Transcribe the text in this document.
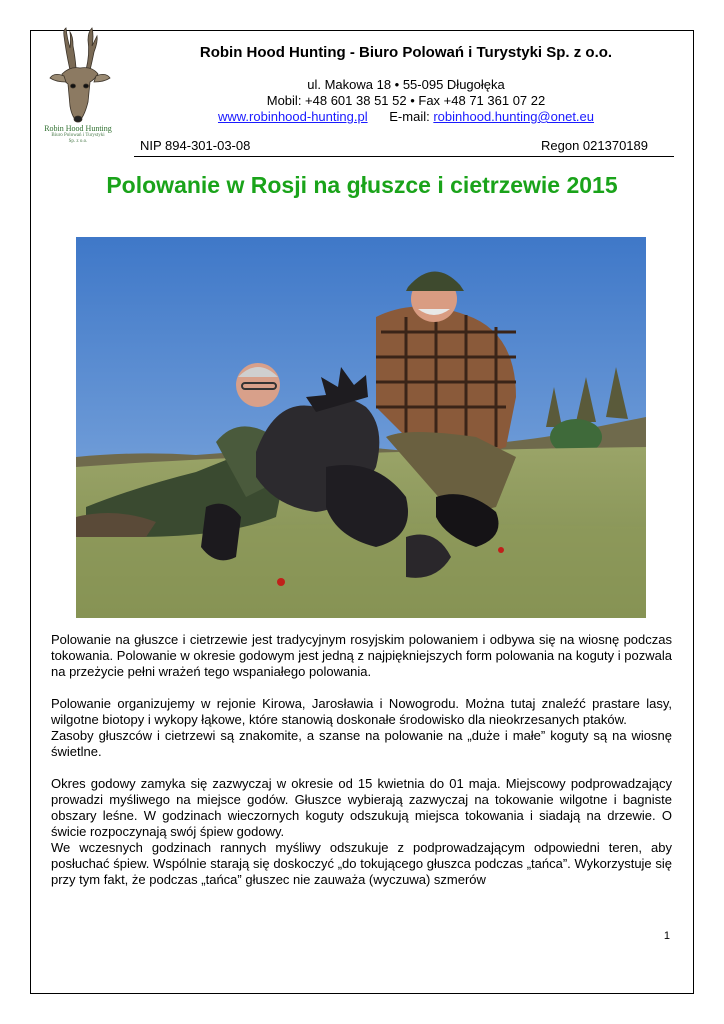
Robin Hood Hunting
Biuro Polowań i Turystyki
Sp. z o.o.
Robin Hood Hunting - Biuro Polowań i Turystyki Sp. z o.o.
ul. Makowa 18 • 55-095 Długołęka
Mobil: +48 601 38 51 52 • Fax +48 71 361 07 22
www.robinhood-hunting.pl E-mail: robinhood.hunting@onet.eu
NIP 894-301-03-08	Regon 021370189
Polowanie w Rosji na głuszce i cietrzewie 2015

Polowanie na głuszce i cietrzewie jest tradycyjnym rosyjskim polowaniem i odbywa się na wiosnę podczas tokowania. Polowanie w okresie godowym jest jedną z najpiękniejszych form polowania na koguty i pozwala na przeżycie pełni wrażeń tego wspaniałego polowania.

Polowanie organizujemy w rejonie Kirowa, Jarosławia i Nowogrodu. Można tutaj znaleźć prastare lasy, wilgotne biotopy i wykopy łąkowe, które stanowią doskonałe środowisko dla nieokrzesanych ptaków.

Zasoby głuszców i cietrzewi są znakomite, a szanse na polowanie na „duże i małe” koguty są na wiosnę świetlne.

Okres godowy zamyka się zazwyczaj w okresie od 15 kwietnia do 01 maja. Miejscowy podprowadzający prowadzi myśliwego na miejsce godów. Głuszce wybierają zazwyczaj na tokowanie wilgotne i bagniste obszary leśne. W godzinach wieczornych koguty odszukują miejsca tokowania i siadają na drzewie. O świcie rozpoczynają swój śpiew godowy.

We wczesnych godzinach rannych myśliwy odszukuje z podprowadzającym odpowiedni teren, aby posłuchać śpiew. Wspólnie starają się doskoczyć „do tokującego głuszca podczas „tańca”. Wykorzystuje się przy tym fakt, że podczas „tańca” głuszec nie zauważa (wyczuwa) szmerów

1
